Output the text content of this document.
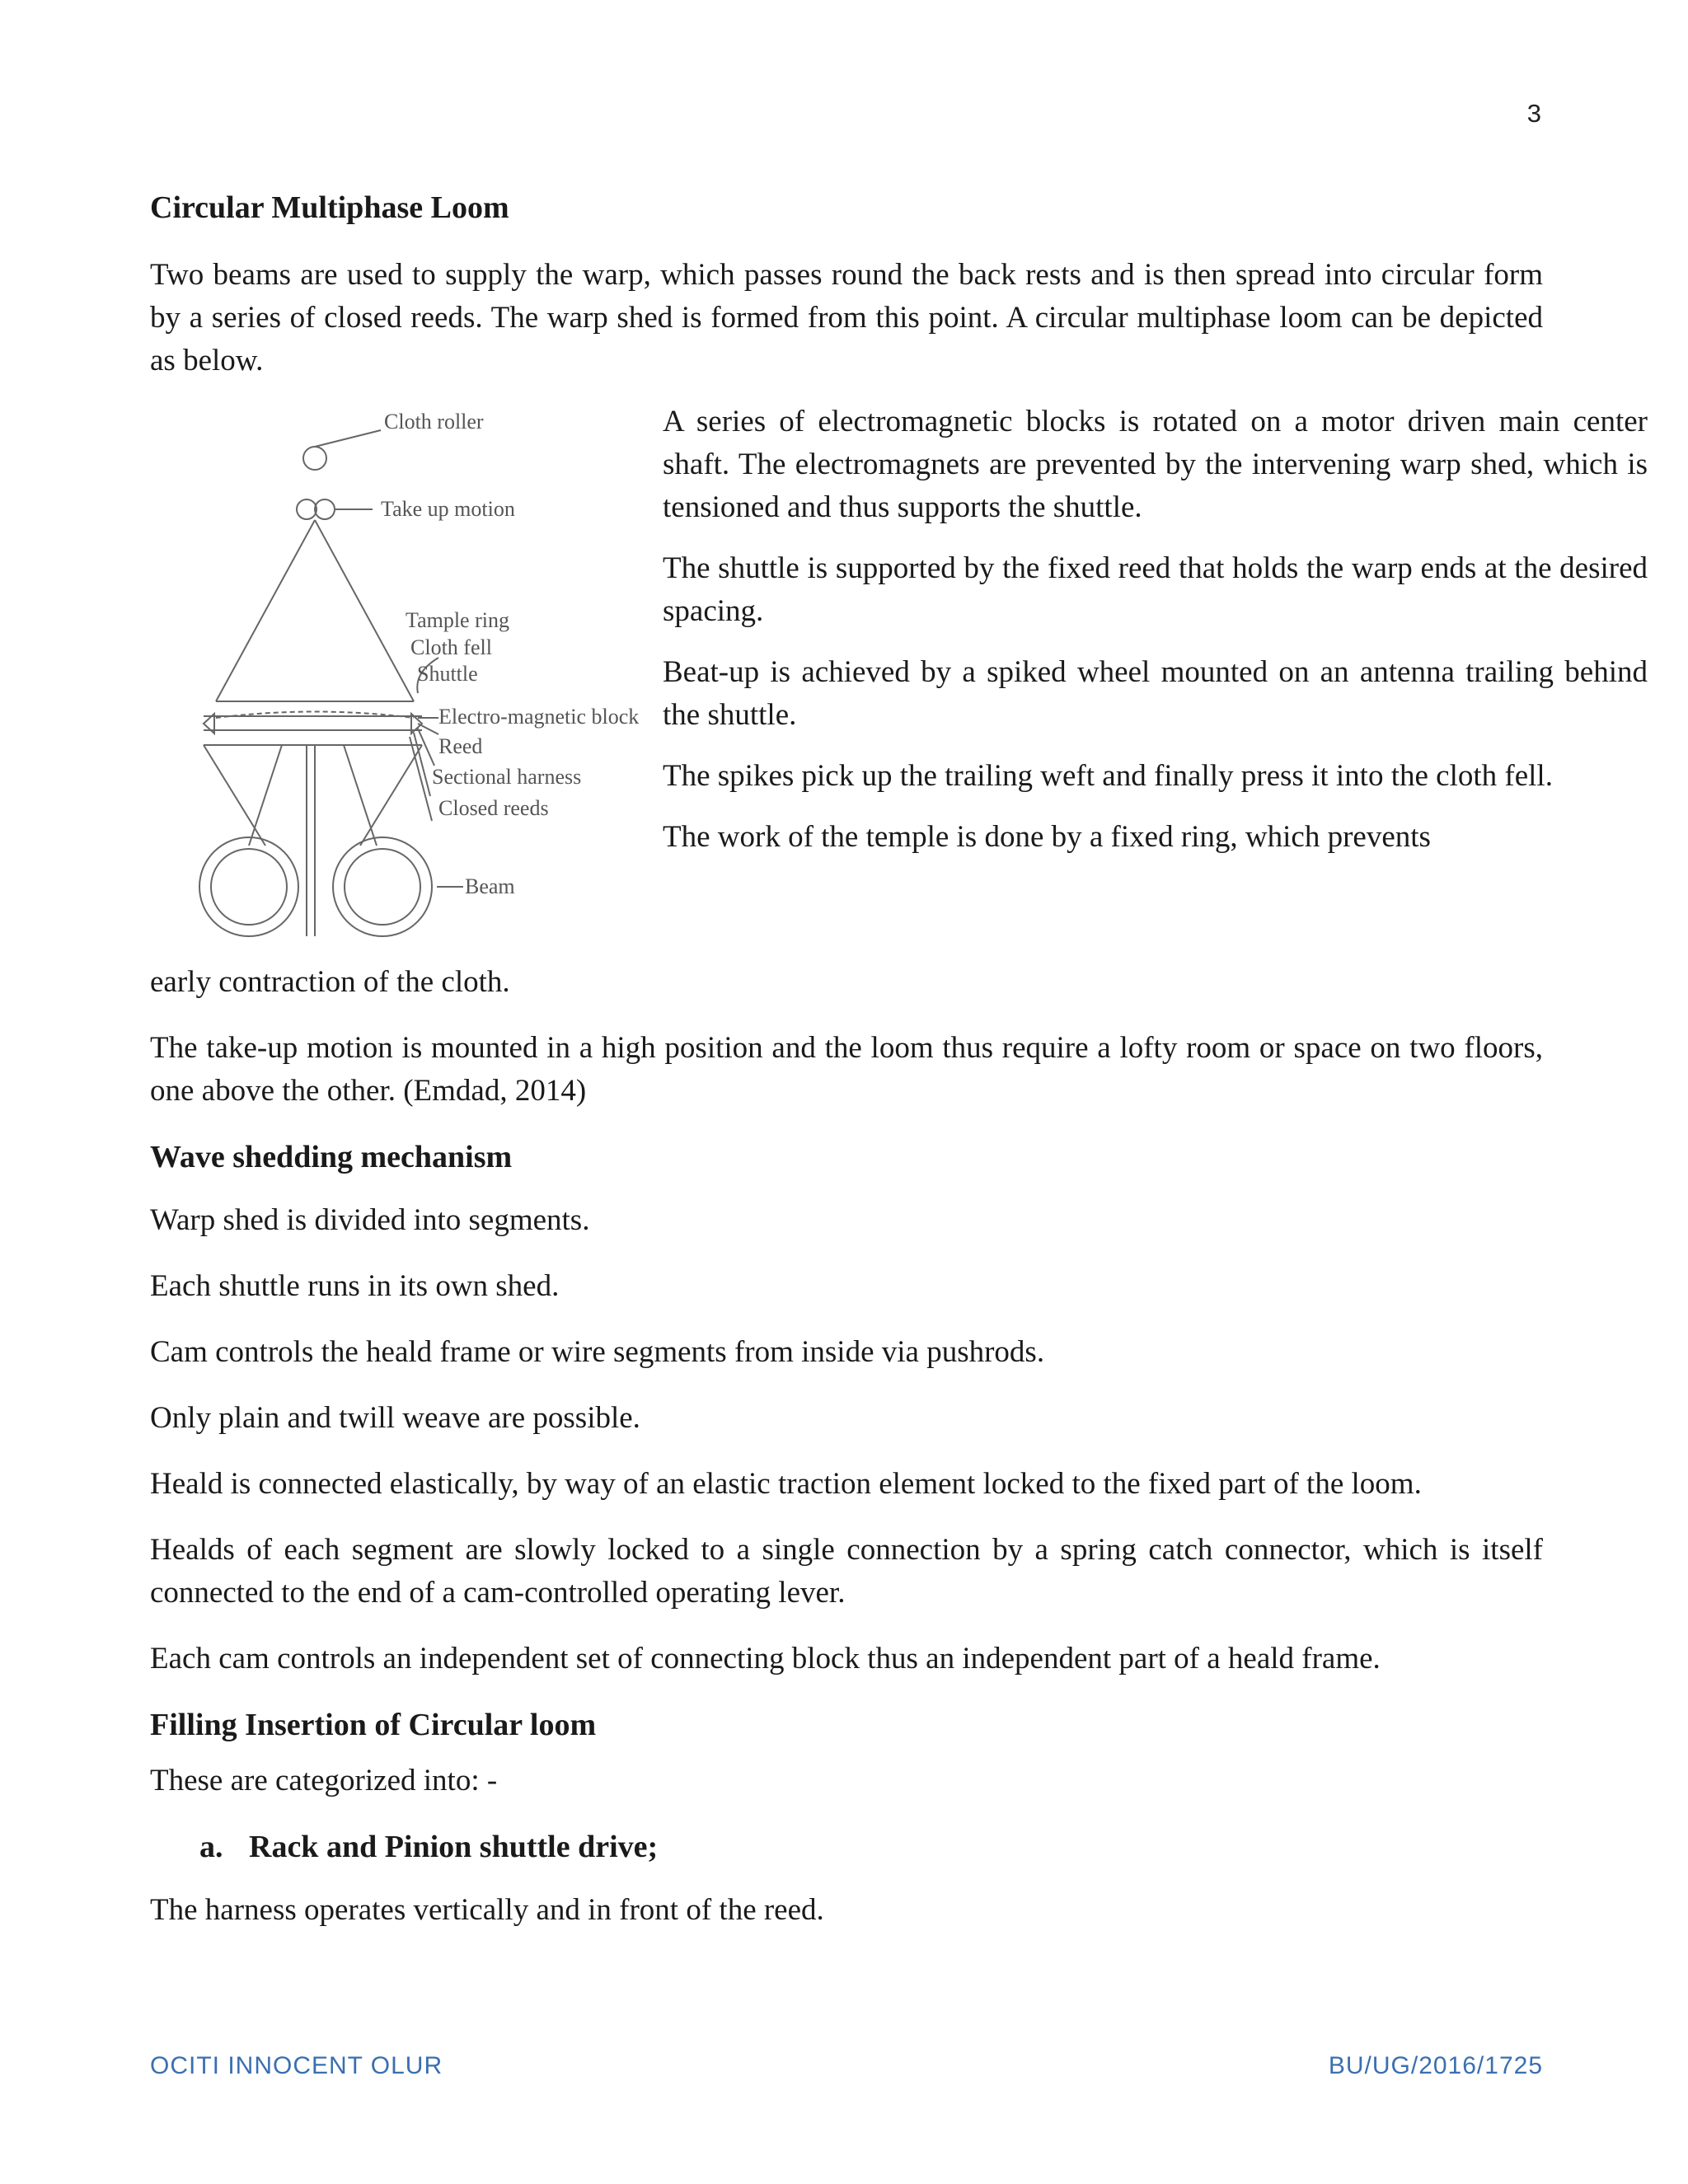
3
Circular Multiphase Loom

Two beams are used to supply the warp, which passes round the back rests and is then spread into circular form by a series of closed reeds. The warp shed is formed from this point. A circular multiphase loom can be depicted as below.

Cloth roller
Take up motion
Tample ring
Cloth fell
Shuttle
Electro-magnetic block
Reed
Sectional harness
Closed reeds
Beam

A series of electromagnetic blocks is rotated on a motor driven main center shaft. The electromagnets are prevented by the intervening warp shed, which is tensioned and thus supports the shuttle.

The shuttle is supported by the fixed reed that holds the warp ends at the desired spacing.

Beat-up is achieved by a spiked wheel mounted on an antenna trailing behind the shuttle.

The spikes pick up the trailing weft and finally press it into the cloth fell.

The work of the temple is done by a fixed ring, which prevents

early contraction of the cloth.

The take-up motion is mounted in a high position and the loom thus require a lofty room or space on two floors, one above the other. (Emdad, 2014)

Wave shedding mechanism

Warp shed is divided into segments.

Each shuttle runs in its own shed.

Cam controls the heald frame or wire segments from inside via pushrods.

Only plain and twill weave are possible.

Heald is connected elastically, by way of an elastic traction element locked to the fixed part of the loom.

Healds of each segment are slowly locked to a single connection by a spring catch connector, which is itself connected to the end of a cam-controlled operating lever.

Each cam controls an independent set of connecting block thus an independent part of a heald frame.

Filling Insertion of Circular loom

These are categorized into: -

a. Rack and Pinion shuttle drive;

The harness operates vertically and in front of the reed.

OCITI INNOCENT OLUR	BU/UG/2016/1725
